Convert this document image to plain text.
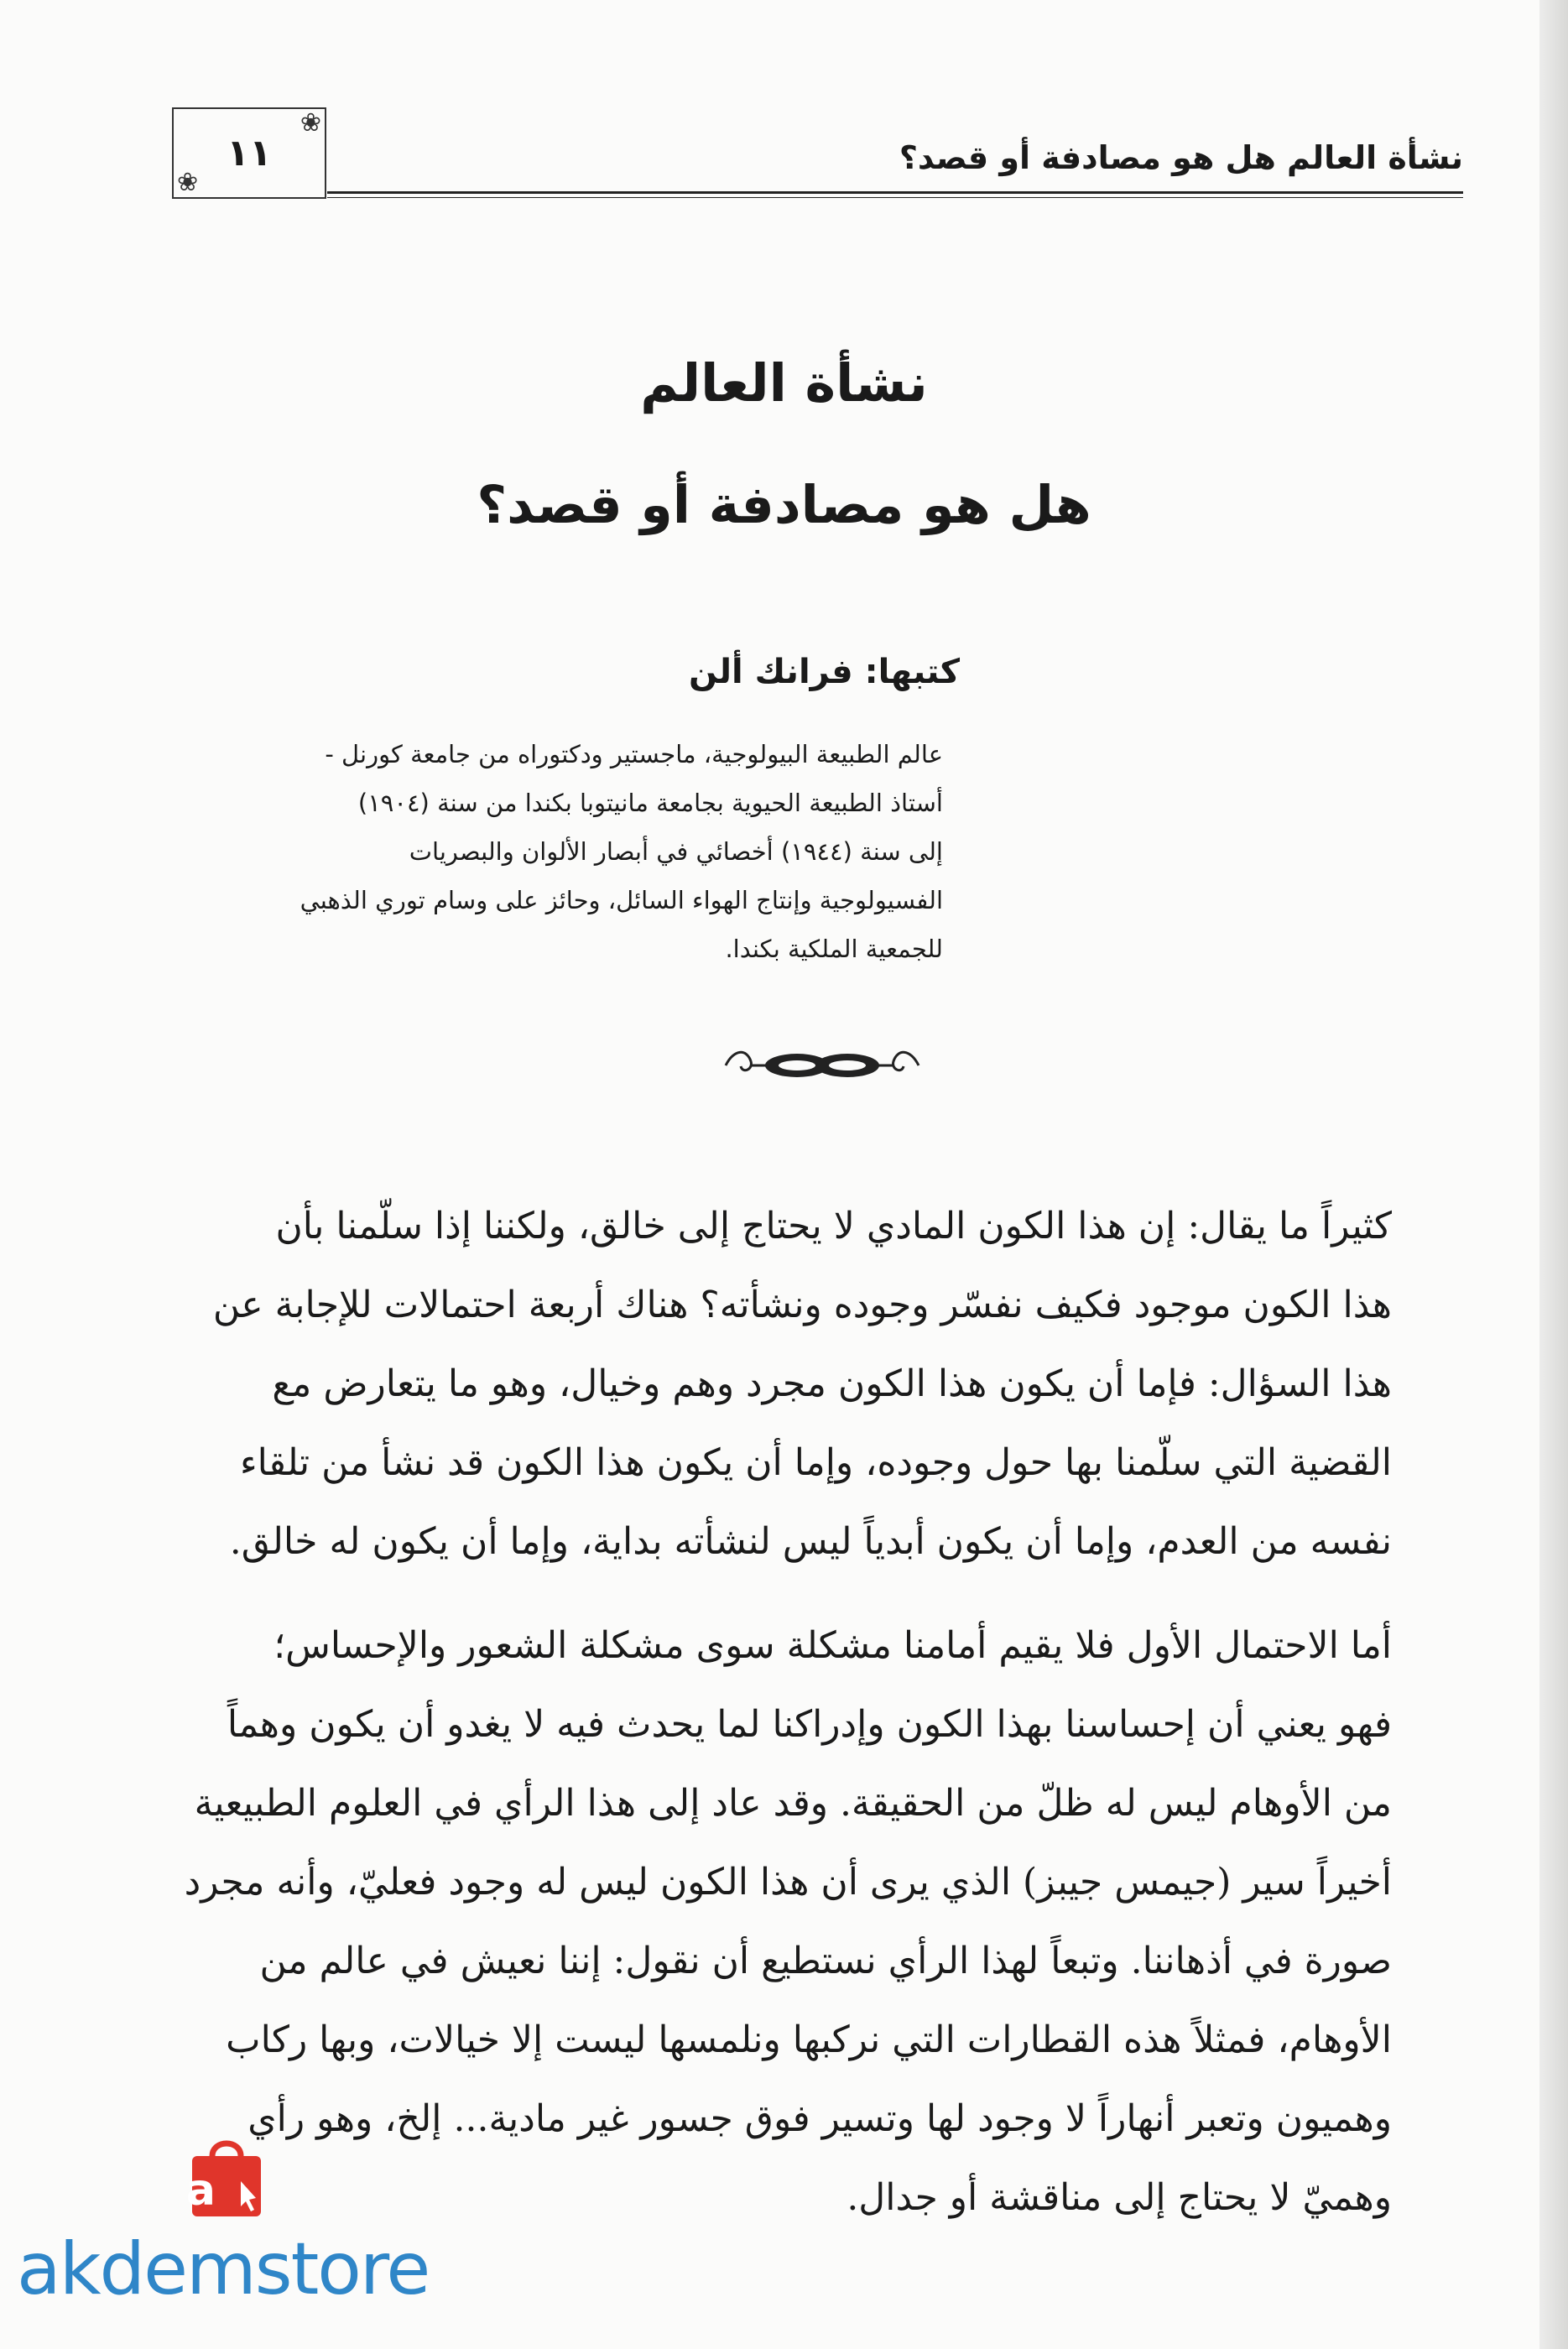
نشأة العالم هل هو مصادفة أو قصد؟
❀
١١
❀
نشأة العالم
هل هو مصادفة أو قصد؟
كتبها: فرانك ألن
عالم الطبيعة البيولوجية، ماجستير ودكتوراه من جامعة كورنل -
أستاذ الطبيعة الحيوية بجامعة مانيتوبا بكندا من سنة (١٩٠٤)
إلى سنة (١٩٤٤) أخصائي في أبصار الألوان والبصريات
الفسيولوجية وإنتاج الهواء السائل، وحائز على وسام توري الذهبي
للجمعية الملكية بكندا.
كثيراً ما يقال: إن هذا الكون المادي لا يحتاج إلى خالق، ولكننا إذا سلّمنا بأن
هذا الكون موجود فكيف نفسّر وجوده ونشأته؟ هناك أربعة احتمالات للإجابة عن
هذا السؤال: فإما أن يكون هذا الكون مجرد وهم وخيال، وهو ما يتعارض مع
القضية التي سلّمنا بها حول وجوده، وإما أن يكون هذا الكون قد نشأ من تلقاء
نفسه من العدم، وإما أن يكون أبدياً ليس لنشأته بداية، وإما أن يكون له خالق.
أما الاحتمال الأول فلا يقيم أمامنا مشكلة سوى مشكلة الشعور والإحساس؛
فهو يعني أن إحساسنا بهذا الكون وإدراكنا لما يحدث فيه لا يغدو أن يكون وهماً
من الأوهام ليس له ظلّ من الحقيقة. وقد عاد إلى هذا الرأي في العلوم الطبيعية
أخيراً سير (جيمس جيبز) الذي يرى أن هذا الكون ليس له وجود فعليّ، وأنه مجرد
صورة في أذهاننا. وتبعاً لهذا الرأي نستطيع أن نقول: إننا نعيش في عالم من
الأوهام، فمثلاً هذه القطارات التي نركبها ونلمسها ليست إلا خيالات، وبها ركاب
وهميون وتعبر أنهاراً لا وجود لها وتسير فوق جسور غير مادية... إلخ، وهو رأي
وهميّ لا يحتاج إلى مناقشة أو جدال.
a
akdemstore
